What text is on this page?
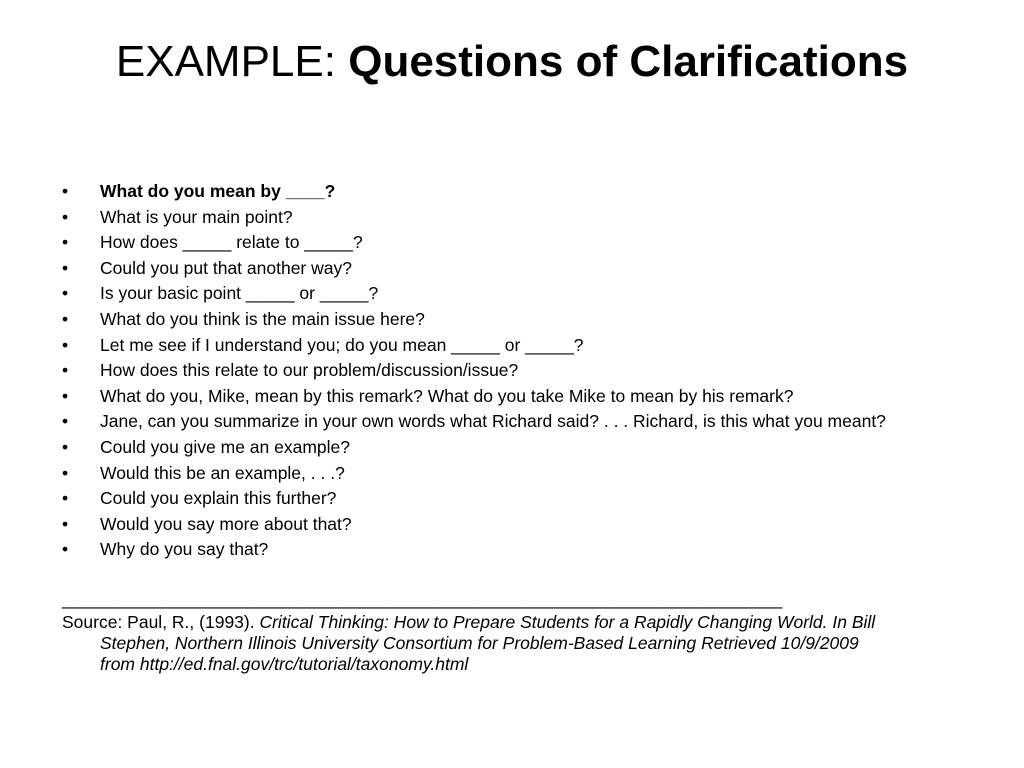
EXAMPLE: Questions of Clarifications
•	What do you mean by ____?
•	What is your main point?
•	How does _____ relate to _____?
•	Could you put that another way?
•	Is your basic point _____ or _____?
•	What do you think is the main issue here?
•	Let me see if I understand you; do you mean _____ or _____?
•	How does this relate to our problem/discussion/issue?
•	What do you, Mike, mean by this remark? What do you take Mike to mean by his remark?
•	Jane, can you summarize in your own words what Richard said? . . . Richard, is this what you meant?
•	Could you give me an example?
•	Would this be an example, . . .?
•	Could you explain this further?
•	Would you say more about that?
•	Why do you say that?
__________________________________________________________________________
Source: Paul, R., (1993). Critical Thinking: How to Prepare Students for a Rapidly Changing World. In Bill
Stephen, Northern Illinois University Consortium for Problem-Based Learning Retrieved 10/9/2009
from http://ed.fnal.gov/trc/tutorial/taxonomy.html
